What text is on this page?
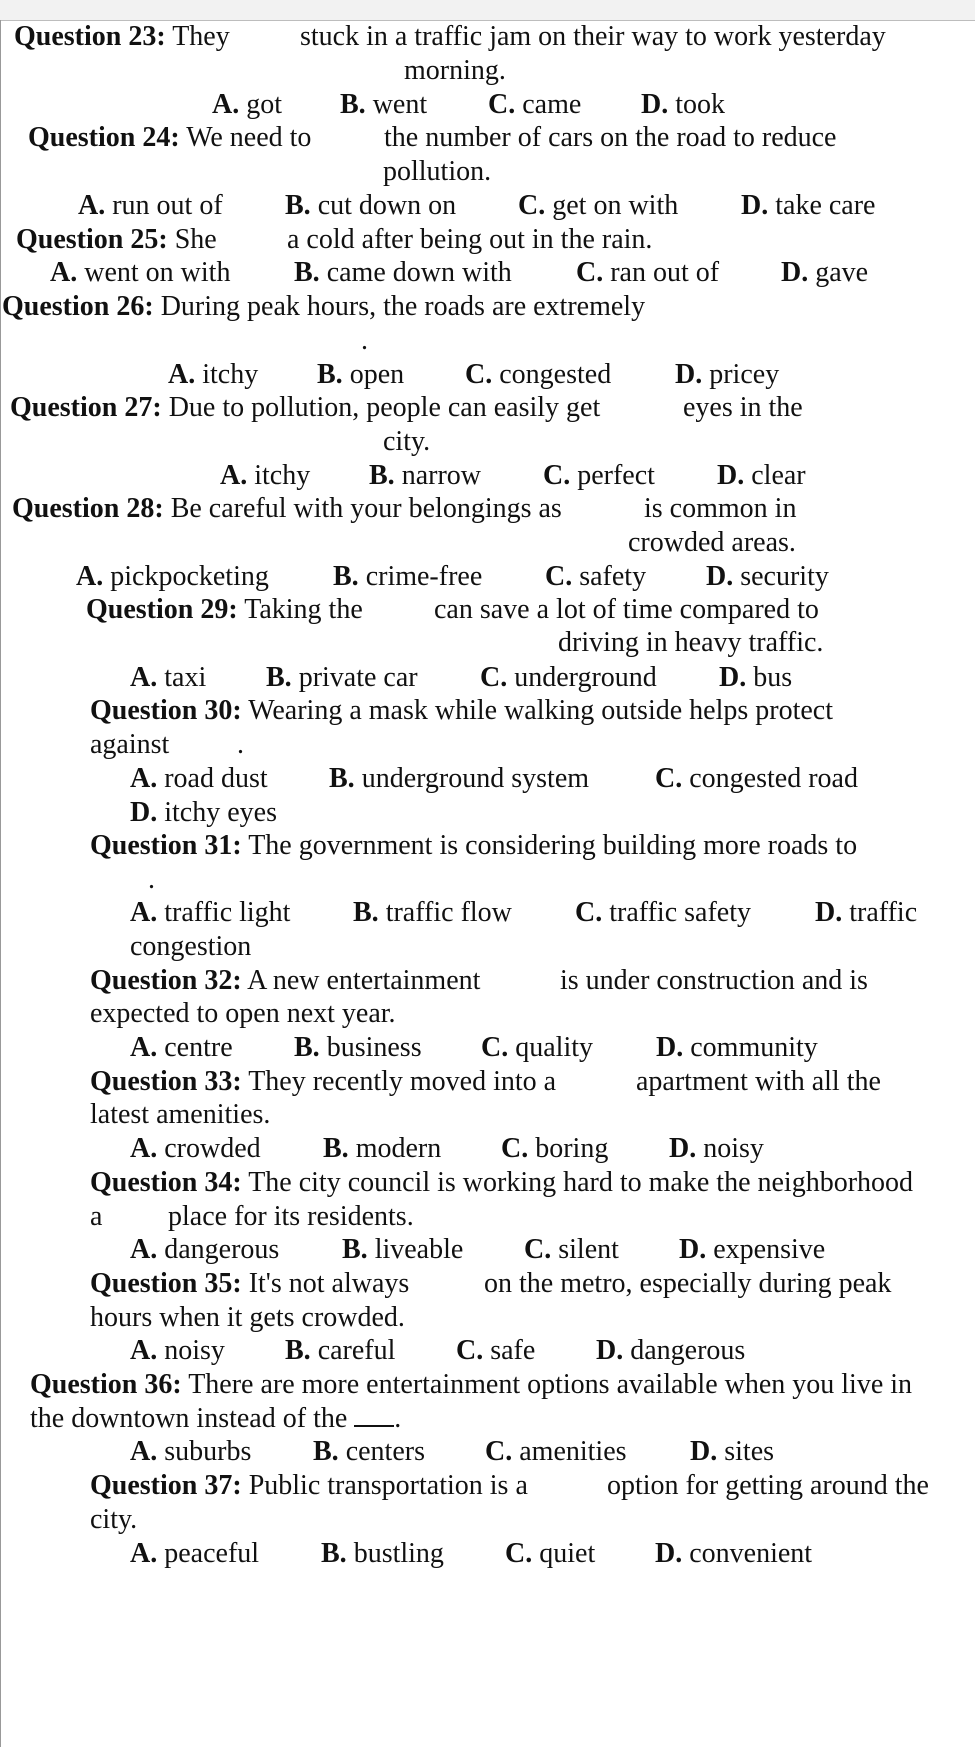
Question 23: They	stuck in a traffic jam on their way to work yesterday
morning.
A. got B. went C. came D. took
Question 24: We need to	the number of cars on the road to reduce
pollution.
A. run out of B. cut down on C. get on with D. take care
Question 25: She	a cold after being out in the rain.
A. went on with B. came down with C. ran out of D. gave
Question 26: During peak hours, the roads are extremely
.
A. itchy B. open C. congested D. pricey
Question 27: Due to pollution, people can easily get	eyes in the
city.
A. itchy B. narrow C. perfect D. clear
Question 28: Be careful with your belongings as	is common in
crowded areas.
A. pickpocketing B. crime-free C. safety D. security
Question 29: Taking the	can save a lot of time compared to
driving in heavy traffic.
A. taxi B. private car C. underground D. bus
Question 30: Wearing a mask while walking outside helps protect
against .
A. road dust B. underground system C. congested road
D. itchy eyes
Question 31: The government is considering building more roads to
.
A. traffic light B. traffic flow C. traffic safety D. traffic
congestion
Question 32: A new entertainment	is under construction and is
expected to open next year.
A. centre B. business C. quality D. community
Question 33: They recently moved into a	apartment with all the
latest amenities.
A. crowded B. modern C. boring D. noisy
Question 34: The city council is working hard to make the neighborhood
a place for its residents.
A. dangerous B. liveable C. silent D. expensive
Question 35: It's not always	on the metro, especially during peak
hours when it gets crowded.
A. noisy B. careful C. safe D. dangerous
Question 36: There are more entertainment options available when you live in
the downtown instead of the .
A. suburbs B. centers C. amenities D. sites
Question 37: Public transportation is a	option for getting around the
city.
A. peaceful B. bustling C. quiet D. convenient
